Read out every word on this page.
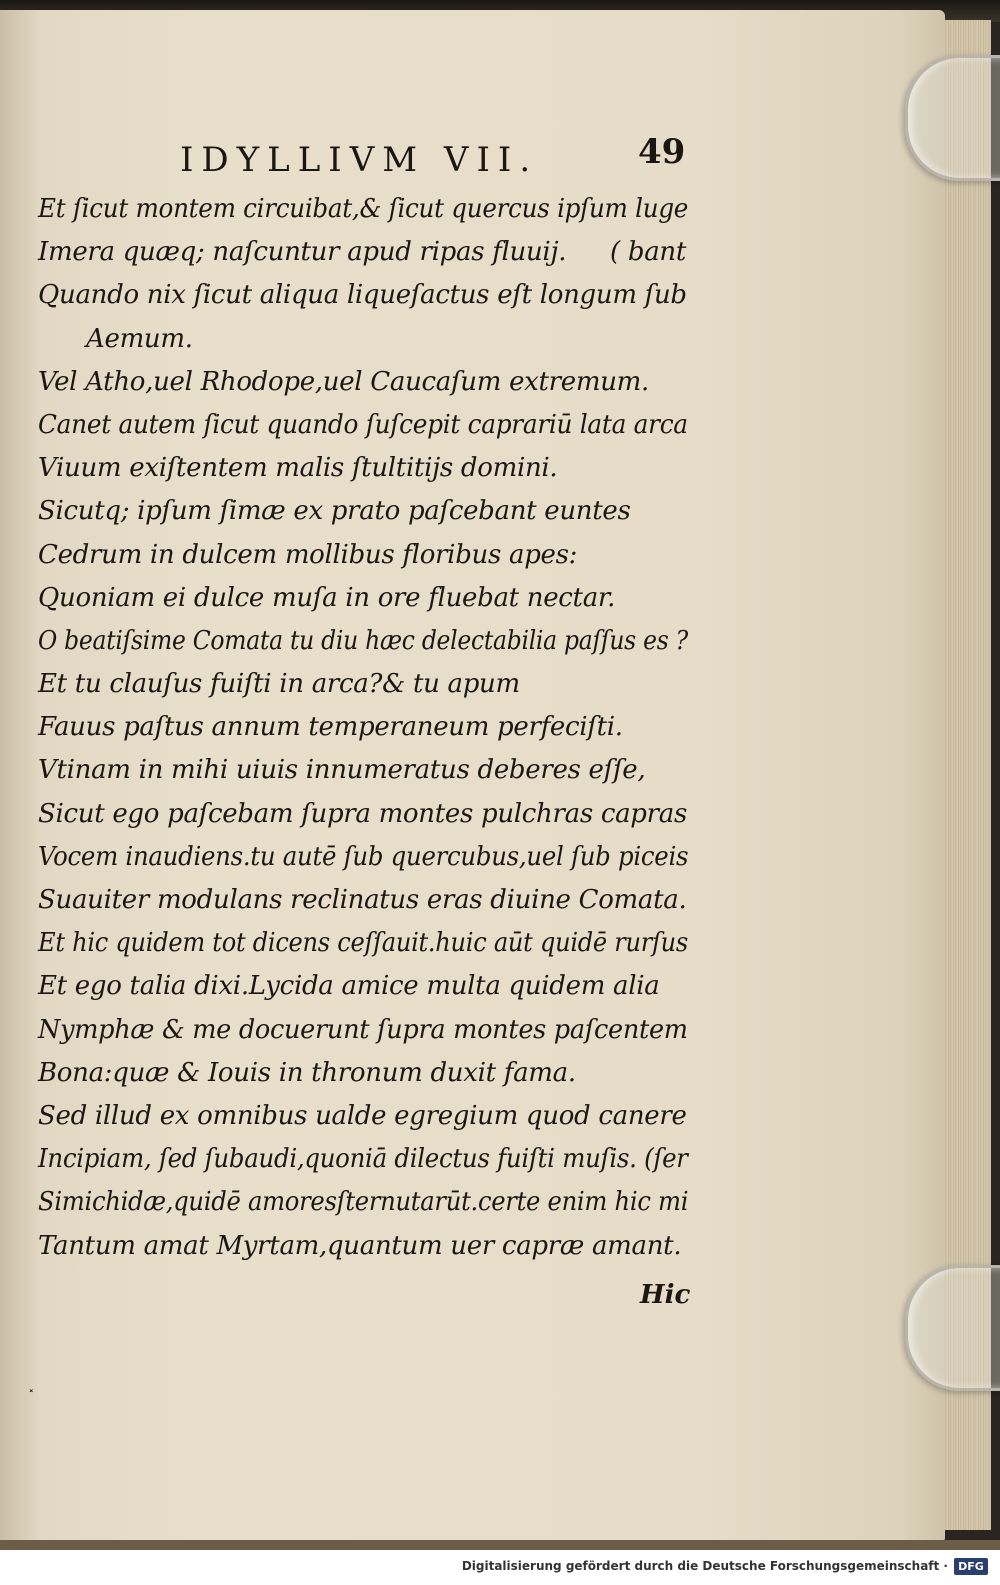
IDYLLIVM VII.	49
Et ſicut montem circuibat,& ſicut quercus ipſum luge
Imera quæq; naſcuntur apud ripas fluuij. ( bant
Quando nix ſicut aliqua liqueſactus eſt longum ſub
Aemum.
Vel Atho,uel Rhodope,uel Caucaſum extremum.
Canet autem ſicut quando ſuſcepit caprariū lata arca
Viuum exiſtentem malis ſtultitijs domini.
Sicutq; ipſum ſimæ ex prato paſcebant euntes
Cedrum in dulcem mollibus floribus apes:
Quoniam ei dulce muſa in ore fluebat nectar.
O beatiſsime Comata tu diu hæc delectabilia paſſus es ?
Et tu clauſus fuiſti in arca?& tu apum
Fauus paſtus annum temperaneum perfeciſti.
Vtinam in mihi uiuis innumeratus deberes eſſe,
Sicut ego paſcebam ſupra montes pulchras capras
Vocem inaudiens.tu autē ſub quercubus,uel ſub piceis
Suauiter modulans reclinatus eras diuine Comata.
Et hic quidem tot dicens ceſſauit.huic aūt quidē rurſus
Et ego talia dixi.Lycida amice multa quidem alia
Nymphæ & me docuerunt ſupra montes paſcentem
Bona:quæ & Iouis in thronum duxit fama.
Sed illud ex omnibus ualde egregium quod canere
Incipiam, ſed ſubaudi,quoniā dilectus fuiſti muſis. (ſer
Simichidæ,quidē amoresſternutarūt.certe enim hic mi
Tantum amat Myrtam,quantum uer capræ amant.
Hic
⸼
Digitalisierung gefördert durch die Deutsche Forschungsgemeinschaft · DFG
